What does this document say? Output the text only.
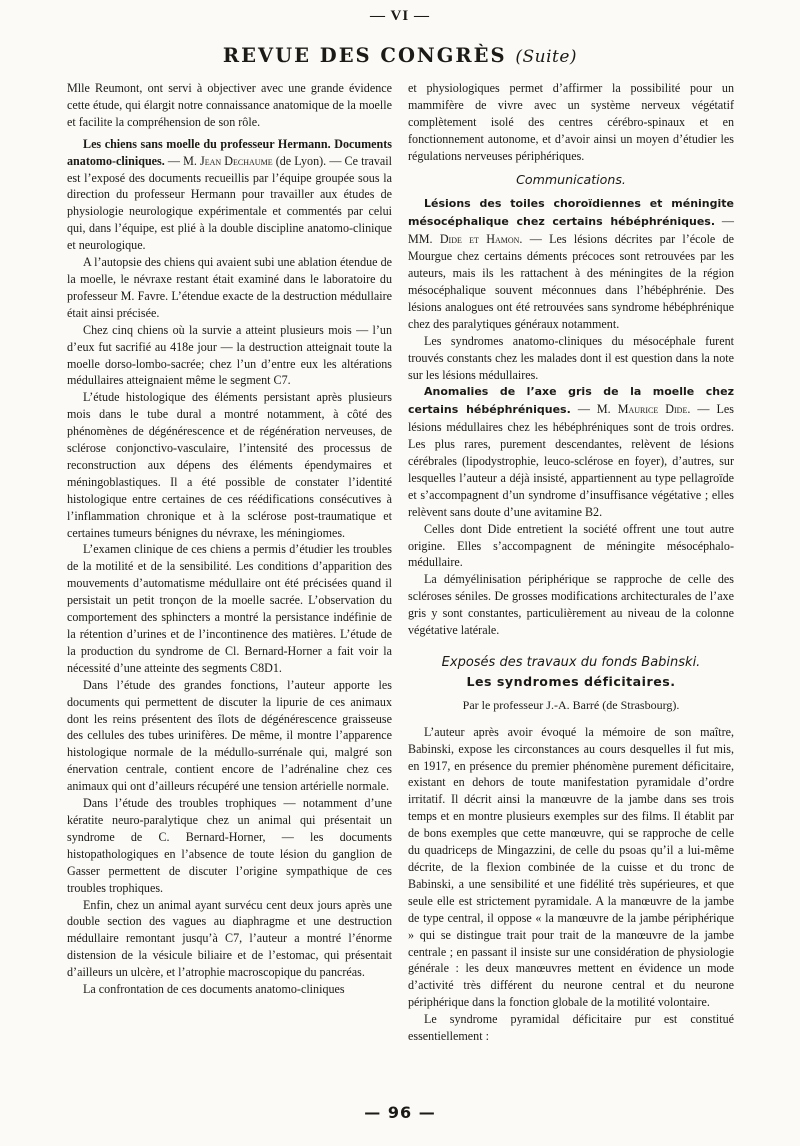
— VI —
REVUE DES CONGRÈS (Suite)

Mlle Reumont, ont servi à objectiver avec une grande évidence cette étude, qui élargit notre connaissance anatomique de la moelle et facilite la compréhension de son rôle.

Les chiens sans moelle du professeur Hermann. Documents anatomo-cliniques. — M. Jean Dechaume (de Lyon). — Ce travail est l’exposé des documents recueillis par l’équipe groupée sous la direction du professeur Hermann pour travailler aux études de physiologie neurologique expérimentale et commentés par celui qui, dans l’équipe, est plié à la double discipline anatomo-clinique et neurologique.

A l’autopsie des chiens qui avaient subi une ablation étendue de la moelle, le névraxe restant était examiné dans le laboratoire du professeur M. Favre. L’étendue exacte de la destruction médullaire était ainsi précisée.

Chez cinq chiens où la survie a atteint plusieurs mois — l’un d’eux fut sacrifié au 418e jour — la destruction atteignait toute la moelle dorso-lombo-sacrée; chez l’un d’entre eux les altérations médullaires atteignaient même le segment C7.

L’étude histologique des éléments persistant après plusieurs mois dans le tube dural a montré notamment, à côté des phénomènes de dégénérescence et de régénération nerveuses, de sclérose conjonctivo-vasculaire, l’intensité des processus de reconstruction aux dépens des éléments épendymaires et méningoblastiques. Il a été possible de constater l’identité histologique entre certaines de ces réédifications consécutives à l’inflammation chronique et à la sclérose post-traumatique et certaines tumeurs bénignes du névraxe, les méningiomes.

L’examen clinique de ces chiens a permis d’étudier les troubles de la motilité et de la sensibilité. Les conditions d’apparition des mouvements d’automatisme médullaire ont été précisées quand il persistait un petit tronçon de la moelle sacrée. L’observation du comportement des sphincters a montré la persistance indéfinie de la rétention d’urines et de l’incontinence des matières. L’étude de la production du syndrome de Cl. Bernard-Horner a fait voir la nécessité d’une atteinte des segments C8D1.

Dans l’étude des grandes fonctions, l’auteur apporte les documents qui permettent de discuter la lipurie de ces animaux dont les reins présentent des îlots de dégénérescence graisseuse des cellules des tubes urinifères. De même, il montre l’apparence histologique normale de la médullo-surrénale qui, malgré son énervation centrale, contient encore de l’adrénaline chez ces animaux qui ont d’ailleurs récupéré une tension artérielle normale.

Dans l’étude des troubles trophiques — notamment d’une kératite neuro-paralytique chez un animal qui présentait un syndrome de C. Bernard-Horner, — les documents histopathologiques en l’absence de toute lésion du ganglion de Gasser permettent de discuter l’origine sympathique de ces troubles trophiques.

Enfin, chez un animal ayant survécu cent deux jours après une double section des vagues au diaphragme et une destruction médullaire remontant jusqu’à C7, l’auteur a montré l’énorme distension de la vésicule biliaire et de l’estomac, qui présentait d’ailleurs un ulcère, et l’atrophie macroscopique du pancréas.

La confrontation de ces documents anatomo-cliniques

et physiologiques permet d’affirmer la possibilité pour un mammifère de vivre avec un système nerveux végétatif complètement isolé des centres cérébro-spinaux et en fonctionnement autonome, et d’avoir ainsi un moyen d’étudier les régulations nerveuses périphériques.

Communications.

Lésions des toiles choroïdiennes et méningite mésocéphalique chez certains hébéphréniques. — MM. Dide et Hamon. — Les lésions décrites par l’école de Mourgue chez certains déments précoces sont retrouvées par les auteurs, mais ils les rattachent à des méningites de la région mésocéphalique souvent méconnues dans l’hébéphrénie. Des lésions analogues ont été retrouvées sans syndrome hébéphrénique chez des paralytiques généraux notamment.

Les syndromes anatomo-cliniques du mésocéphale furent trouvés constants chez les malades dont il est question dans la note sur les lésions médullaires.

Anomalies de l’axe gris de la moelle chez certains hébéphréniques. — M. Maurice Dide. — Les lésions médullaires chez les hébéphréniques sont de trois ordres. Les plus rares, purement descendantes, relèvent de lésions cérébrales (lipodystrophie, leuco-sclérose en foyer), d’autres, sur lesquelles l’auteur a déjà insisté, appartiennent au type pellagroïde et s’accompagnent d’un syndrome d’insuffisance végétative ; elles relèvent sans doute d’une avitamine B2.

Celles dont Dide entretient la société offrent une tout autre origine. Elles s’accompagnent de méningite mésocéphalo-médullaire.

La démyélinisation périphérique se rapproche de celle des scléroses séniles. De grosses modifications architecturales de l’axe gris y sont constantes, particulièrement au niveau de la colonne végétative latérale.

Exposés des travaux du fonds Babinski.
Les syndromes déficitaires.
Par le professeur J.-A. Barré (de Strasbourg).

L’auteur après avoir évoqué la mémoire de son maître, Babinski, expose les circonstances au cours desquelles il fut mis, en 1917, en présence du premier phénomène purement déficitaire, existant en dehors de toute manifestation pyramidale d’ordre irritatif. Il décrit ainsi la manœuvre de la jambe dans ses trois temps et en montre plusieurs exemples sur des films. Il établit par de bons exemples que cette manœuvre, qui se rapproche de celle du quadriceps de Mingazzini, de celle du psoas qu’il a lui-même décrite, de la flexion combinée de la cuisse et du tronc de Babinski, a une sensibilité et une fidélité très supérieures, et que seule elle est strictement pyramidale. A la manœuvre de la jambe de type central, il oppose « la manœuvre de la jambe périphérique » qui se distingue trait pour trait de la manœuvre de la jambe centrale ; en passant il insiste sur une considération de physiologie générale : les deux manœuvres mettent en évidence un mode d’activité très différent du neurone central et du neurone périphérique dans la fonction globale de la motilité volontaire.

Le syndrome pyramidal déficitaire pur est constitué essentiellement :

— 96 —
